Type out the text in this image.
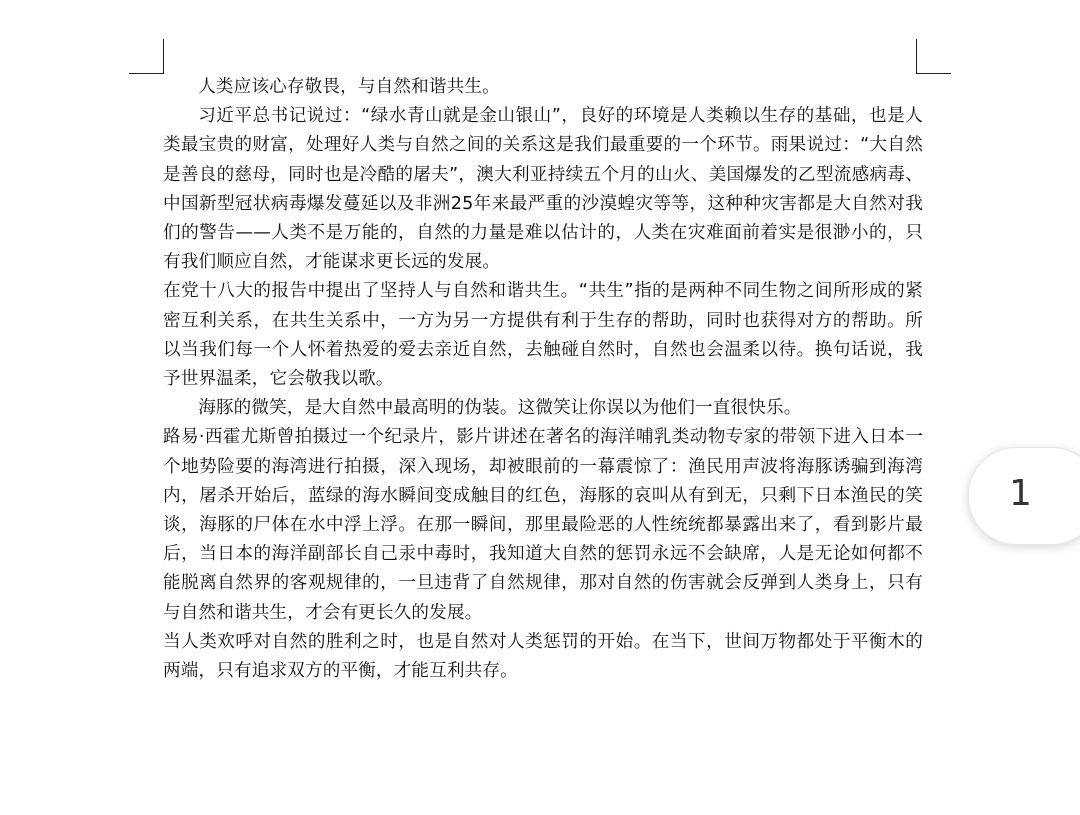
人类应该心存敬畏，与自然和谐共生。

习近平总书记说过：“绿水青山就是金山银山”，良好的环境是人类赖以生存的基础，也是人类最宝贵的财富，处理好人类与自然之间的关系这是我们最重要的一个环节。雨果说过：“大自然是善良的慈母，同时也是冷酷的屠夫”，澳大利亚持续五个月的山火、美国爆发的乙型流感病毒、中国新型冠状病毒爆发蔓延以及非洲25年来最严重的沙漠蝗灾等等，这种种灾害都是大自然对我们的警告——人类不是万能的，自然的力量是难以估计的，人类在灾难面前着实是很渺小的，只有我们顺应自然，才能谋求更长远的发展。

在党十八大的报告中提出了坚持人与自然和谐共生。“共生”指的是两种不同生物之间所形成的紧密互利关系，在共生关系中，一方为另一方提供有利于生存的帮助，同时也获得对方的帮助。所以当我们每一个人怀着热爱的爱去亲近自然，去触碰自然时，自然也会温柔以待。换句话说，我予世界温柔，它会敬我以歌。

海豚的微笑，是大自然中最高明的伪装。这微笑让你误以为他们一直很快乐。

路易·西霍尤斯曾拍摄过一个纪录片，影片讲述在著名的海洋哺乳类动物专家的带领下进入日本一个地势险要的海湾进行拍摄，深入现场，却被眼前的一幕震惊了：渔民用声波将海豚诱骗到海湾内，屠杀开始后，蓝绿的海水瞬间变成触目的红色，海豚的哀叫从有到无，只剩下日本渔民的笑谈，海豚的尸体在水中浮上浮。在那一瞬间，那里最险恶的人性统统都暴露出来了，看到影片最后，当日本的海洋副部长自己汞中毒时，我知道大自然的惩罚永远不会缺席，人是无论如何都不能脱离自然界的客观规律的，一旦违背了自然规律，那对自然的伤害就会反弹到人类身上，只有与自然和谐共生，才会有更长久的发展。

当人类欢呼对自然的胜利之时，也是自然对人类惩罚的开始。在当下，世间万物都处于平衡木的两端，只有追求双方的平衡，才能互利共存。

1
